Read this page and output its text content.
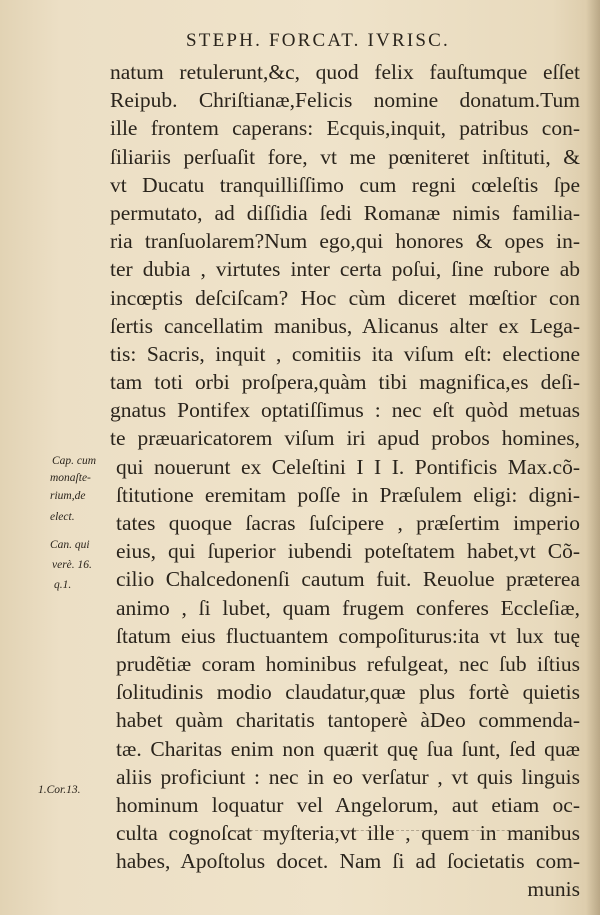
STEPH. FORCAT. IVRISC.
natum retulerunt,&c, quod felix fauſtumque eſſet
Reipub. Chriſtianæ,Felicis nomine donatum.Tum
ille frontem caperans: Ecquis,inquit, patribus con-
ſiliariis perſuaſit fore, vt me pœniteret inſtituti, &
vt Ducatu tranquilliſſimo cum regni cœleſtis ſpe
permutato, ad diſſidia ſedi Romanæ nimis familia-
ria tranſuolarem?Num ego,qui honores & opes in-
ter dubia , virtutes inter certa poſui, ſine rubore ab
incœptis deſciſcam? Hoc cùm diceret mœſtior con
ſertis cancellatim manibus, Alicanus alter ex Lega-
tis: Sacris, inquit , comitiis ita viſum eſt: electione
tam toti orbi proſpera,quàm tibi magnifica,es deſi-
gnatus Pontifex optatiſſimus : nec eſt quòd metuas
te præuaricatorem viſum iri apud probos homines,
qui nouerunt ex Celeſtini I I I. Pontificis Max.cõ-
ſtitutione eremitam poſſe in Præſulem eligi: digni-
tates quoque ſacras ſuſcipere , præſertim imperio
eius, qui ſuperior iubendi poteſtatem habet,vt Cõ-
cilio Chalcedonenſi cautum fuit. Reuolue præterea
animo , ſi lubet, quam frugem conferes Eccleſiæ,
ſtatum eius fluctuantem compoſiturus:ita vt lux tuę
prudẽtiæ coram hominibus refulgeat, nec ſub iſtius
ſolitudinis modio claudatur,quæ plus fortè quietis
habet quàm charitatis tantoperè àDeo commenda-
tæ. Charitas enim non quærit quę ſua ſunt, ſed quæ
aliis proficiunt : nec in eo verſatur , vt quis linguis
hominum loquatur vel Angelorum, aut etiam oc-
culta cognoſcat myſteria,vt ille , quem in manibus
habes, Apoſtolus docet. Nam ſi ad ſocietatis com-
munis
Cap. cum
monaſte-
rium,de
elect.
Can. qui
verè. 16.
q.1.
1.Cor.13.
